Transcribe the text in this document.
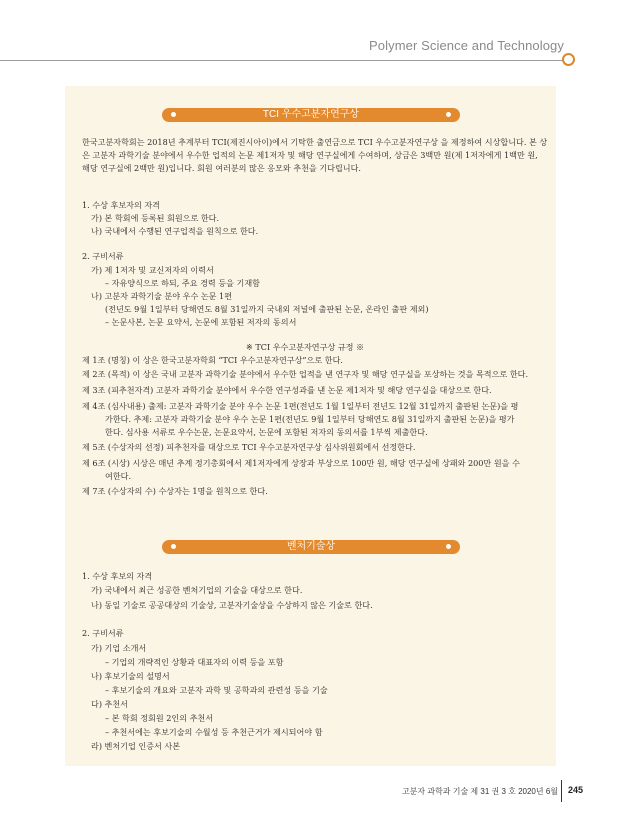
Polymer Science and Technology
TCI 우수고분자연구상
한국고분자학회는 2018년 추계부터 TCI(제진시아이)에서 기탁한 출연금으로 TCI 우수고분자연구상 을 제정하여 시상합니다. 본 상은 고분자 과학기술 분야에서 우수한 업적의 논문 제1저자 및 해당 연구실에게 수여하며, 상금은 3백만 원(제 1저자에게 1백만 원, 해당 연구실에 2백만 원)입니다. 회원 여러분의 많은 응모와 추천을 기다립니다.
1. 수상 후보자의 자격
가) 본 학회에 등록된 회원으로 한다.
나) 국내에서 수행된 연구업적을 원칙으로 한다.
2. 구비서류
가) 제 1저자 및 교신저자의 이력서
– 자유양식으로 하되, 주요 경력 등을 기재함
나) 고분자 과학기술 분야 우수 논문 1편
(전년도 9월 1일부터 당해연도 8월 31일까지 국내외 저널에 출판된 논문, 온라인 출판 제외)
– 논문사본, 논문 요약서, 논문에 포함된 저자의 동의서
※ TCI 우수고분자연구상 규정 ※
제 1조 (명칭) 이 상은 한국고분자학회 “TCI 우수고분자연구상”으로 한다.
제 2조 (목적) 이 상은 국내 고분자 과학기술 분야에서 우수한 업적을 낸 연구자 및 해당 연구실을 포상하는 것을 목적으로 한다.
제 3조 (피추천자격) 고분자 과학기술 분야에서 우수한 연구성과를 낸 논문 제1저자 및 해당 연구실을 대상으로 한다.
제 4조 (심사내용) 출제: 고분자 과학기술 분야 우수 논문 1편(전년도 1월 1일부터 전년도 12월 31일까지 출판된 논문)을 평
가한다. 추제: 고분자 과학기술 분야 우수 논문 1편(전년도 9월 1일부터 당해연도 8월 31일까지 출판된 논문)을 평가
한다. 심사용 서류로 우수논문, 논문요약서, 논문에 포함된 저자의 동의서를 1부씩 제출한다.
제 5조 (수상자의 선정) 피추천자를 대상으로 TCI 우수고분자연구상 심사위원회에서 선정한다.
제 6조 (시상) 시상은 매년 추계 정기총회에서 제1저자에게 상장과 부상으로 100만 원, 해당 연구실에 상패와 200만 원을 수
여한다.
제 7조 (수상자의 수) 수상자는 1명을 원칙으로 한다.
벤처기술상
1. 수상 후보의 자격
가) 국내에서 최근 성공한 벤처기업의 기술을 대상으로 한다.
나) 동일 기술로 공공대상의 기술상, 고분자기술상을 수상하지 않은 기술로 한다.
2. 구비서류
가) 기업 소개서
– 기업의 개략적인 상황과 대표자의 이력 등을 포함
나) 후보기술의 설명서
– 후보기술의 개요와 고분자 과학 및 공학과의 관련성 등을 기술
다) 추천서
– 본 학회 정회원 2인의 추천서
– 추천서에는 후보기술의 수월성 등 추천근거가 제시되어야 함
라) 벤처기업 인증서 사본
고분자 과학과 기술 제 31 권 3 호 2020년 6월 245
